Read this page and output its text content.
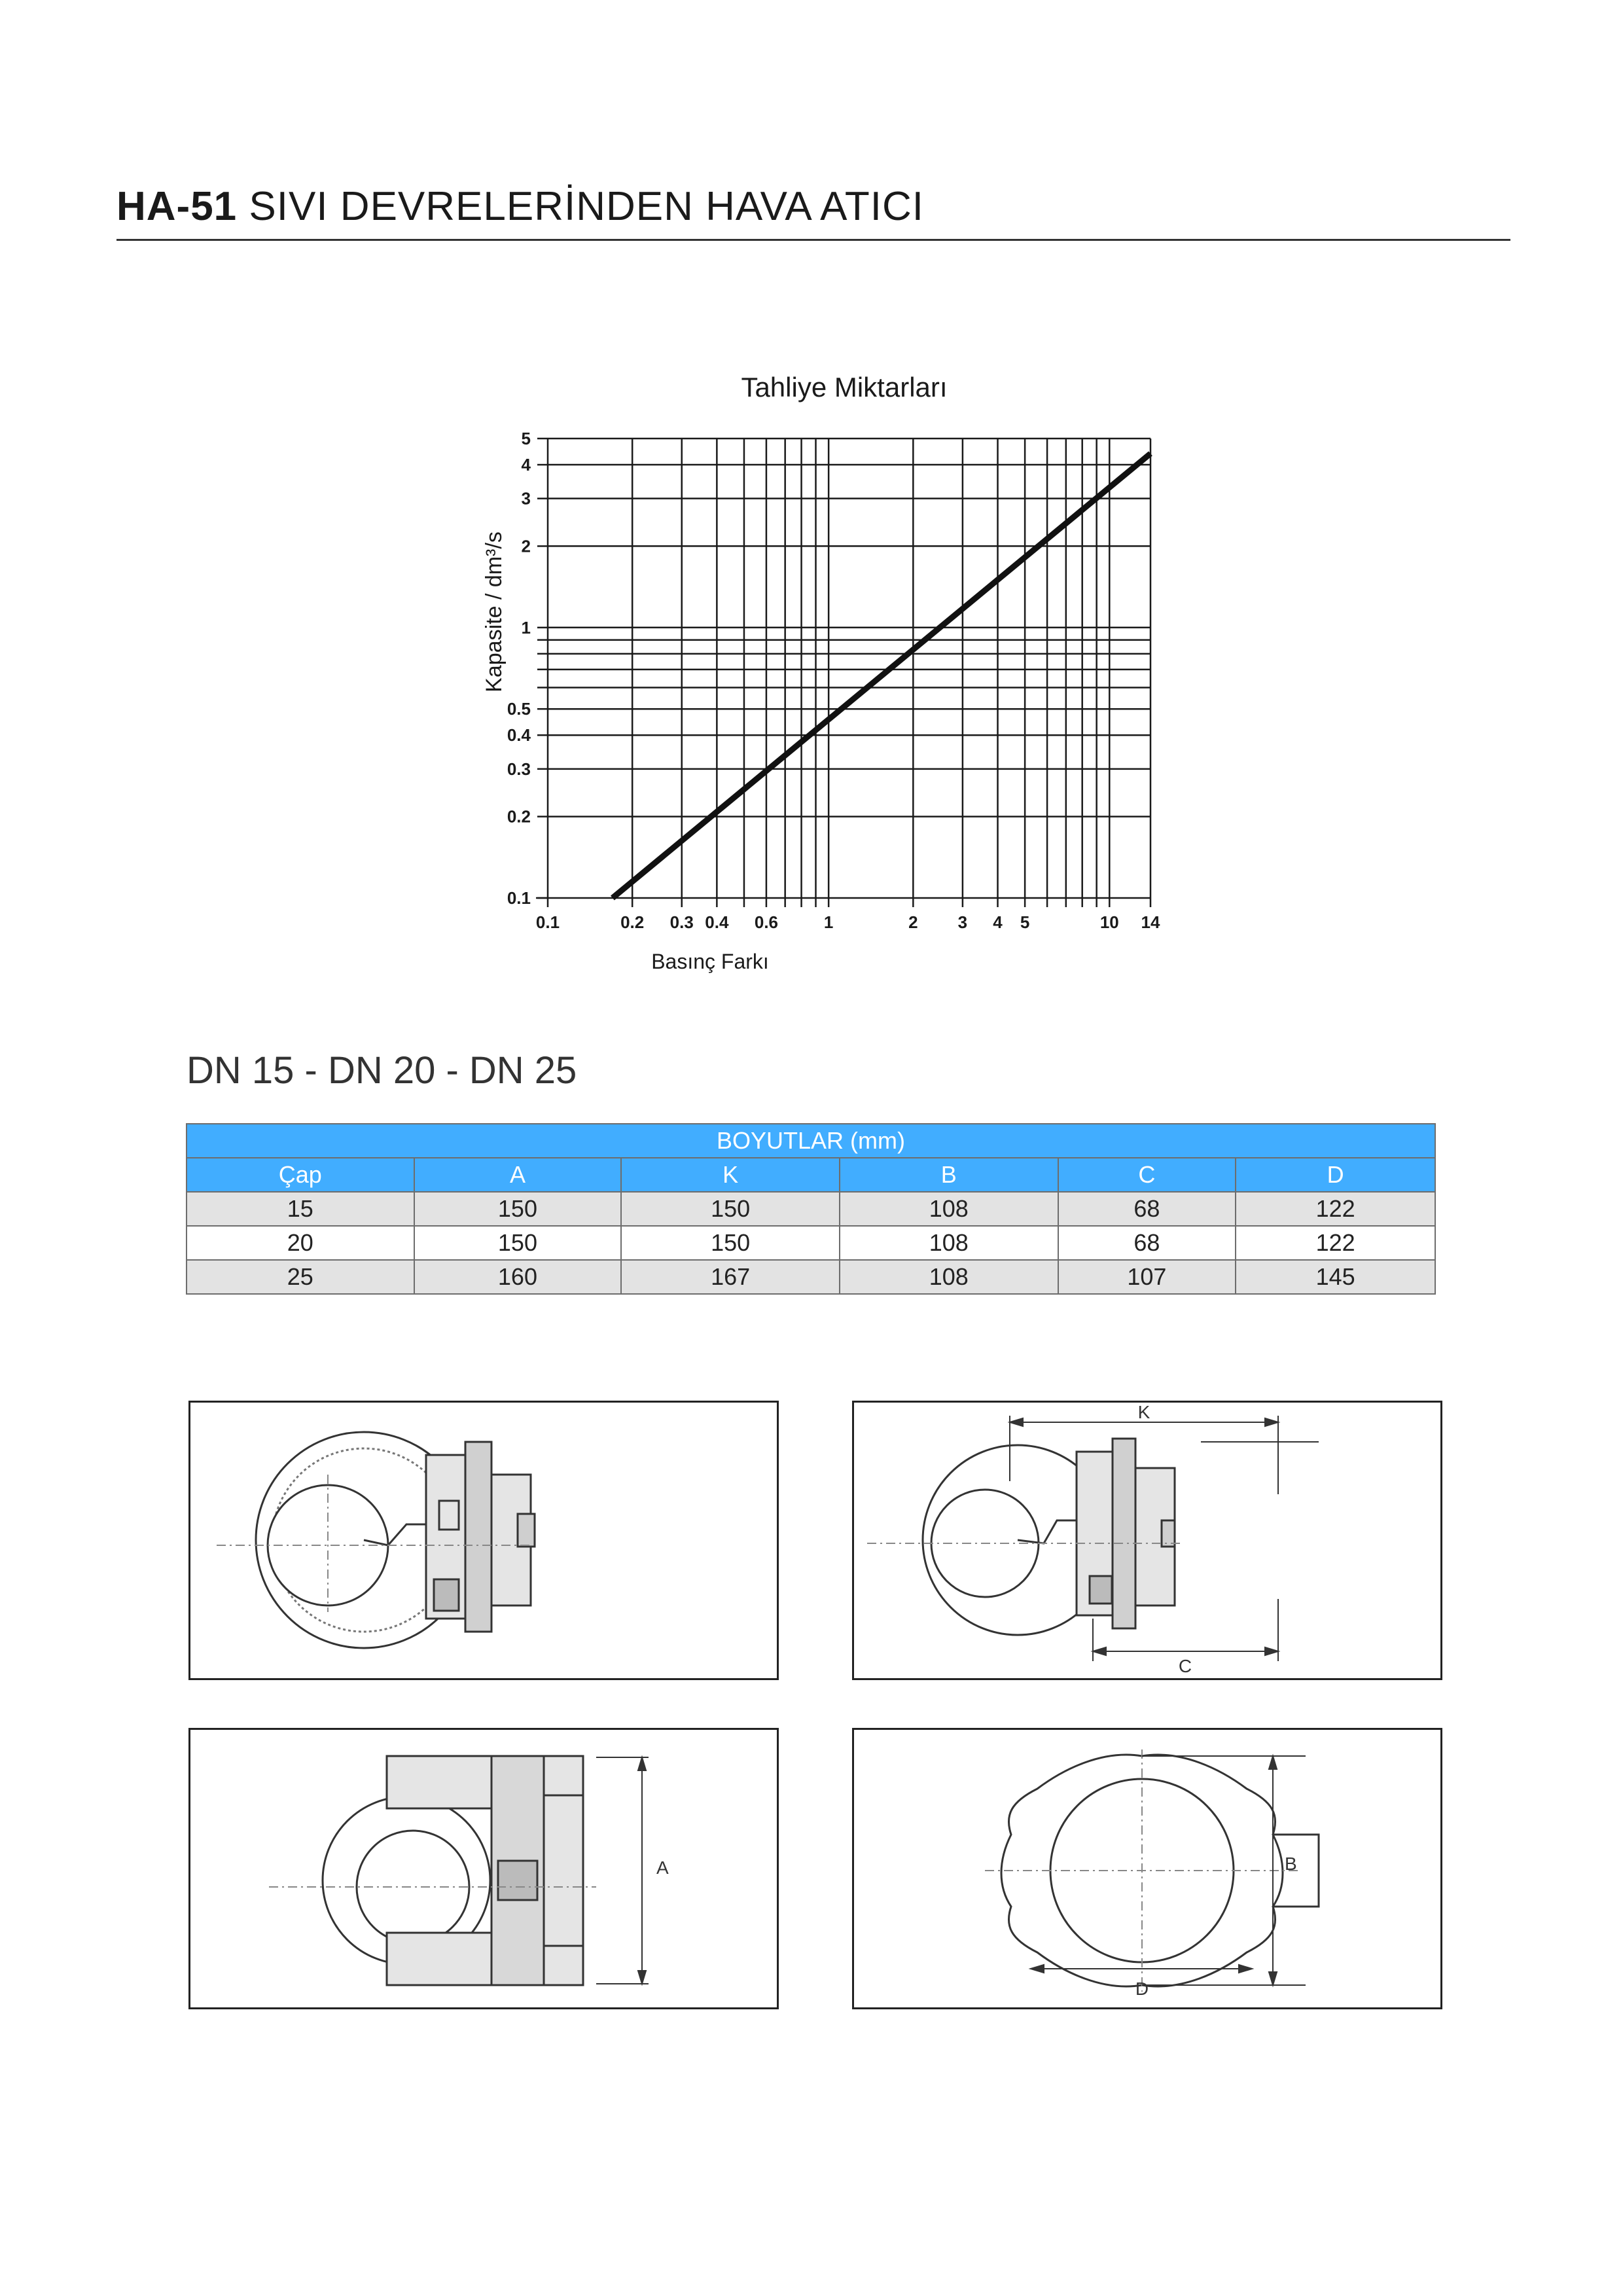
HA-51 SIVI DEVRELERİNDEN HAVA ATICI
Tahliye Miktarları
0.1	0.2 0.3 0.4 0.6	1	2 3 4 5	10 14
0.1
0.2
0.3
0.4
0.5
1
2
3
4
5
Kapasite / dm³/s
Basınç Farkı
DN 15 - DN 20 - DN 25
BOYUTLAR (mm)					
Çap	A	K	B	C	D
15	150	150	108	68	122
20	150	150	108	68	122
25	160	167	108	107	145
K
C
A	B
D
